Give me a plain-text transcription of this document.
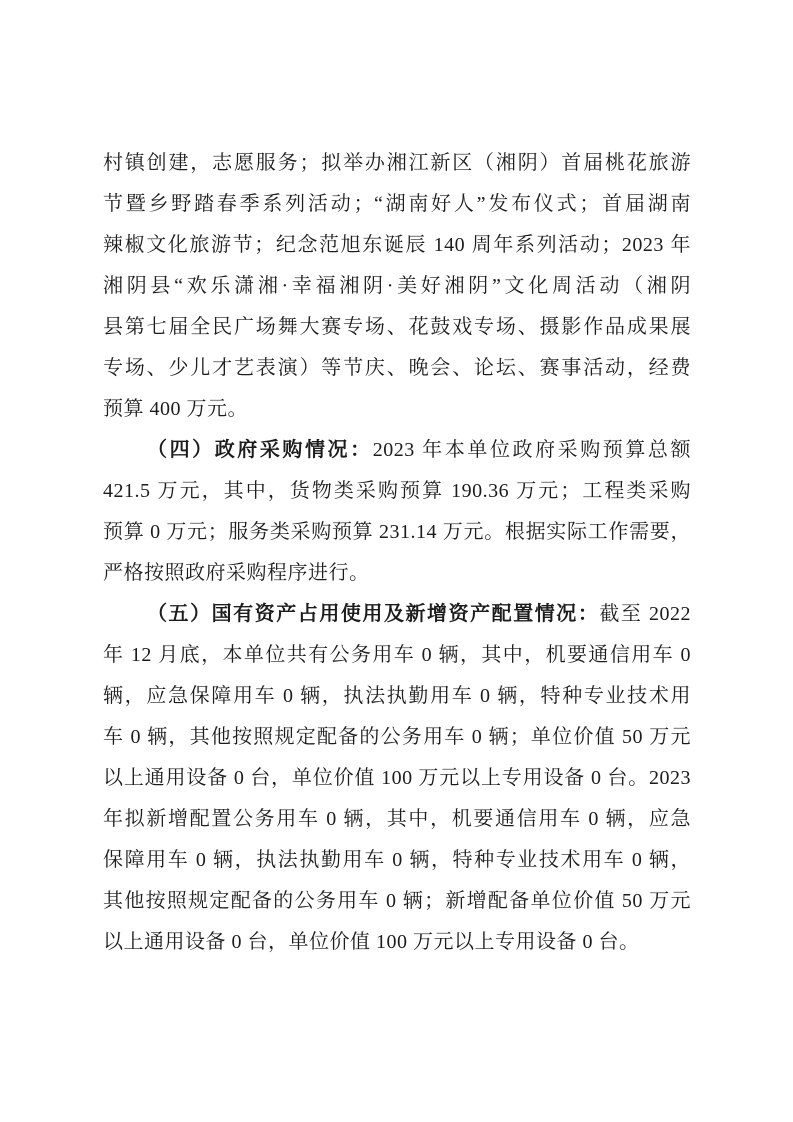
村镇创建，志愿服务；拟举办湘江新区（湘阴）首届桃花旅游
节暨乡野踏春季系列活动；“湖南好人”发布仪式；首届湖南
辣椒文化旅游节；纪念范旭东诞辰 140 周年系列活动；2023 年
湘阴县“欢乐潇湘·幸福湘阴·美好湘阴”文化周活动（湘阴
县第七届全民广场舞大赛专场、花鼓戏专场、摄影作品成果展
专场、少儿才艺表演）等节庆、晚会、论坛、赛事活动，经费
预算 400 万元。
（四）政府采购情况：2023 年本单位政府采购预算总额
421.5 万元，其中，货物类采购预算 190.36 万元；工程类采购
预算 0 万元；服务类采购预算 231.14 万元。根据实际工作需要，
严格按照政府采购程序进行。
（五）国有资产占用使用及新增资产配置情况：截至 2022
年 12 月底，本单位共有公务用车 0 辆，其中，机要通信用车 0
辆，应急保障用车 0 辆，执法执勤用车 0 辆，特种专业技术用
车 0 辆，其他按照规定配备的公务用车 0 辆；单位价值 50 万元
以上通用设备 0 台，单位价值 100 万元以上专用设备 0 台。2023
年拟新增配置公务用车 0 辆，其中，机要通信用车 0 辆，应急
保障用车 0 辆，执法执勤用车 0 辆，特种专业技术用车 0 辆，
其他按照规定配备的公务用车 0 辆；新增配备单位价值 50 万元
以上通用设备 0 台，单位价值 100 万元以上专用设备 0 台。
